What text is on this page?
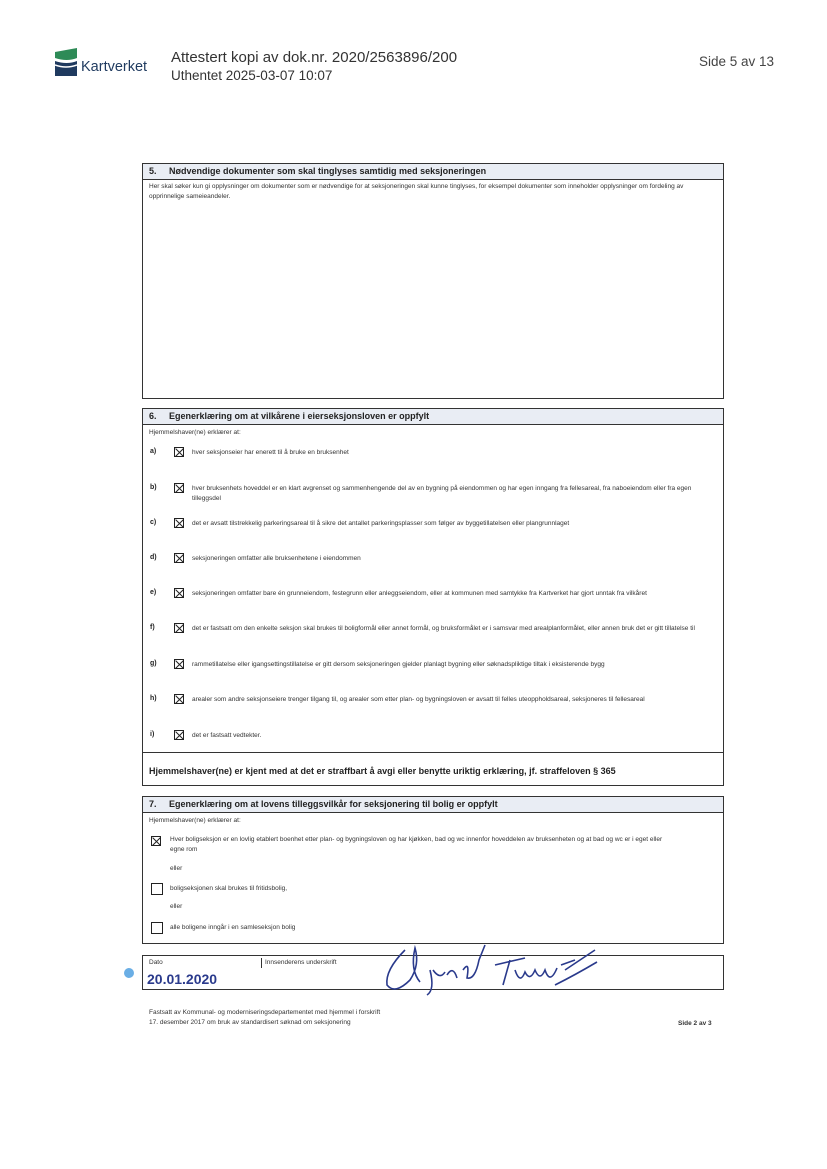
Kartverket
Attestert kopi av dok.nr. 2020/2563896/200
Uthentet 2025-03-07 10:07
Side 5 av 13
5. Nødvendige dokumenter som skal tinglyses samtidig med seksjoneringen
Her skal søker kun gi opplysninger om dokumenter som er nødvendige for at seksjoneringen skal kunne tinglyses, for eksempel dokumenter som inneholder opplysninger om fordeling av opprinnelige sameieandeler.
6. Egenerklæring om at vilkårene i eierseksjonsloven er oppfylt
Hjemmelshaver(ne) erklærer at:
a)	hver seksjonseier har enerett til å bruke en bruksenhet
b)	hver bruksenhets hoveddel er en klart avgrenset og sammenhengende del av en bygning på eiendommen og har egen inngang fra fellesareal, fra naboeiendom eller fra egen tilleggsdel
c)	det er avsatt tilstrekkelig parkeringsareal til å sikre det antallet parkeringsplasser som følger av byggetillatelsen eller plangrunnlaget
d)	seksjoneringen omfatter alle bruksenhetene i eiendommen
e)	seksjoneringen omfatter bare én grunneiendom, festegrunn eller anleggseiendom, eller at kommunen med samtykke fra Kartverket har gjort unntak fra vilkåret
f)	det er fastsatt om den enkelte seksjon skal brukes til boligformål eller annet formål, og bruksformålet er i samsvar med arealplanformålet, eller annen bruk det er gitt tillatelse til
g)	rammetillatelse eller igangsettingstillatelse er gitt dersom seksjoneringen gjelder planlagt bygning eller søknadspliktige tiltak i eksisterende bygg
h)	arealer som andre seksjonseiere trenger tilgang til, og arealer som etter plan- og bygningsloven er avsatt til felles uteoppholdsareal, seksjoneres til fellesareal
i)	det er fastsatt vedtekter.
Hjemmelshaver(ne) er kjent med at det er straffbart å avgi eller benytte uriktig erklæring, jf. straffeloven § 365
7. Egenerklæring om at lovens tilleggsvilkår for seksjonering til bolig er oppfylt
Hjemmelshaver(ne) erklærer at:
Hver boligseksjon er en lovlig etablert boenhet etter plan- og bygningsloven og har kjøkken, bad og wc innenfor hoveddelen av bruksenheten og at bad og wc er i eget eller egne rom
eller
boligseksjonen skal brukes til fritidsbolig,
eller
alle boligene inngår i en samleseksjon bolig
Dato
20.01.2020
Innsenderens underskrift
Fastsatt av Kommunal- og moderniseringsdepartementet med hjemmel i forskrift
17. desember 2017 om bruk av standardisert søknad om seksjonering	Side 2 av 3
